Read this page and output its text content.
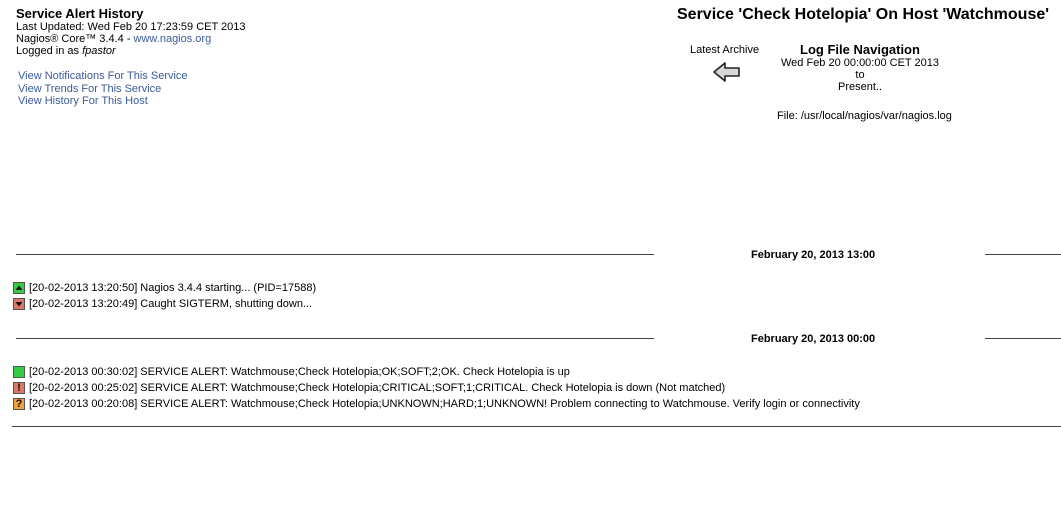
Service Alert History
Last Updated: Wed Feb 20 17:23:59 CET 2013
Nagios® Core™ 3.4.4 - www.nagios.org
Logged in as fpastor
View Notifications For This Service
View Trends For This Service
View History For This Host
Service 'Check Hotelopia' On Host 'Watchmouse'
Latest Archive	Log File Navigation
Wed Feb 20 00:00:00 CET 2013
to
Present..
File: /usr/local/nagios/var/nagios.log
February 20, 2013 13:00
[20-02-2013 13:20:50] Nagios 3.4.4 starting... (PID=17588)
[20-02-2013 13:20:49] Caught SIGTERM, shutting down...
February 20, 2013 00:00
[20-02-2013 00:30:02] SERVICE ALERT: Watchmouse;Check Hotelopia;OK;SOFT;2;OK. Check Hotelopia is up
! [20-02-2013 00:25:02] SERVICE ALERT: Watchmouse;Check Hotelopia;CRITICAL;SOFT;1;CRITICAL. Check Hotelopia is down (Not matched)
? [20-02-2013 00:20:08] SERVICE ALERT: Watchmouse;Check Hotelopia;UNKNOWN;HARD;1;UNKNOWN! Problem connecting to Watchmouse. Verify login or connectivity
